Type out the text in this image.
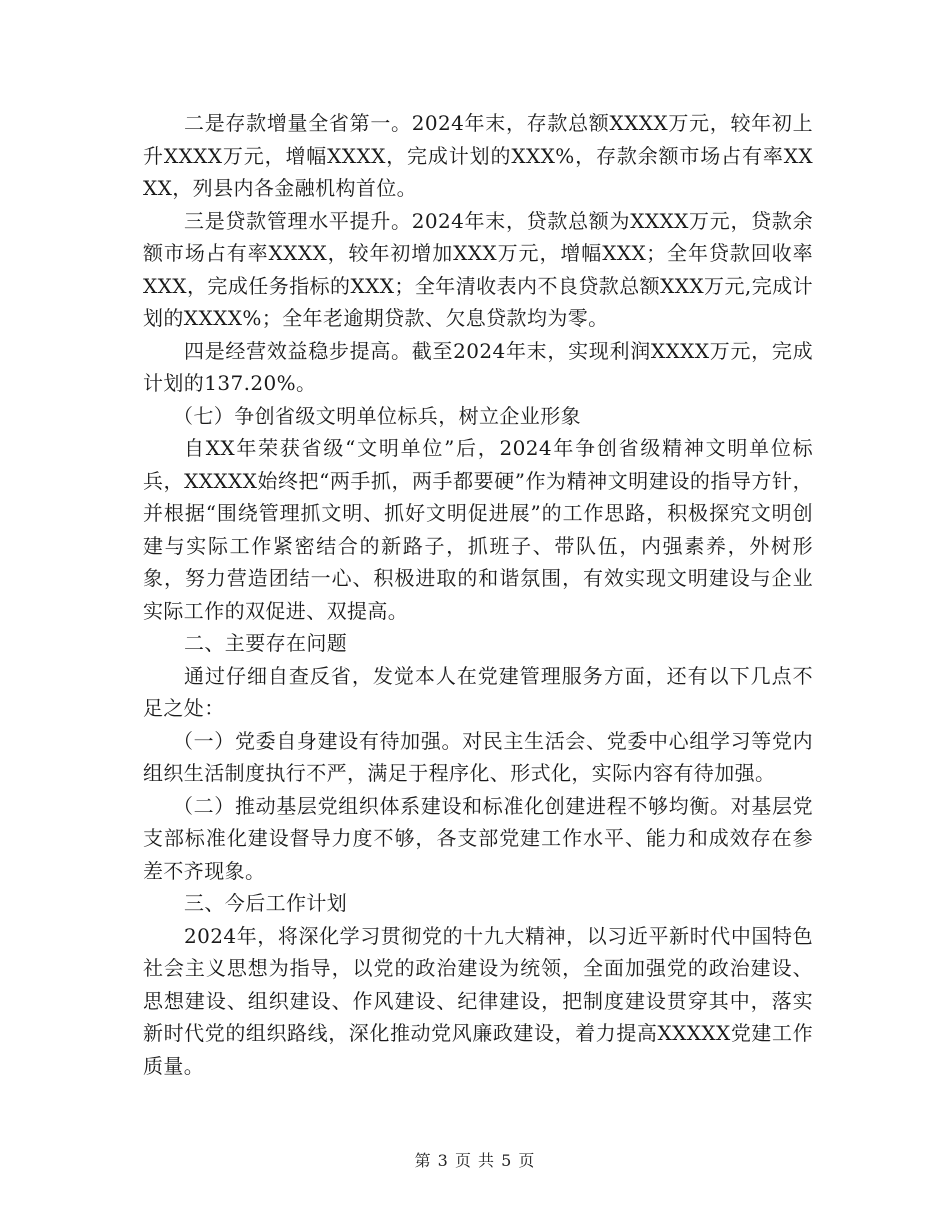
二是存款增量全省第一。2024年末，存款总额XXXX万元，较年初上升XXXX万元，增幅XXXX，完成计划的XXX%，存款余额市场占有率XXXX，列县内各金融机构首位。

三是贷款管理水平提升。2024年末，贷款总额为XXXX万元，贷款余额市场占有率XXXX，较年初增加XXX万元，增幅XXX；全年贷款回收率XXX，完成任务指标的XXX；全年清收表内不良贷款总额XXX万元,完成计划的XXXX%；全年老逾期贷款、欠息贷款均为零。

四是经营效益稳步提高。截至2024年末，实现利润XXXX万元，完成计划的137.20%。

（七）争创省级文明单位标兵，树立企业形象

自XX年荣获省级“文明单位”后，2024年争创省级精神文明单位标兵，XXXXX始终把“两手抓，两手都要硬”作为精神文明建设的指导方针，并根据“围绕管理抓文明、抓好文明促进展”的工作思路，积极探究文明创建与实际工作紧密结合的新路子，抓班子、带队伍，内强素养，外树形象，努力营造团结一心、积极进取的和谐氛围，有效实现文明建设与企业实际工作的双促进、双提高。

二、主要存在问题

通过仔细自查反省，发觉本人在党建管理服务方面，还有以下几点不足之处：

（一）党委自身建设有待加强。对民主生活会、党委中心组学习等党内组织生活制度执行不严，满足于程序化、形式化，实际内容有待加强。

（二）推动基层党组织体系建设和标准化创建进程不够均衡。对基层党支部标准化建设督导力度不够，各支部党建工作水平、能力和成效存在参差不齐现象。

三、今后工作计划

2024年，将深化学习贯彻党的十九大精神，以习近平新时代中国特色社会主义思想为指导，以党的政治建设为统领，全面加强党的政治建设、思想建设、组织建设、作风建设、纪律建设，把制度建设贯穿其中，落实新时代党的组织路线，深化推动党风廉政建设，着力提高XXXXX党建工作质量。

第 3 页 共 5 页
